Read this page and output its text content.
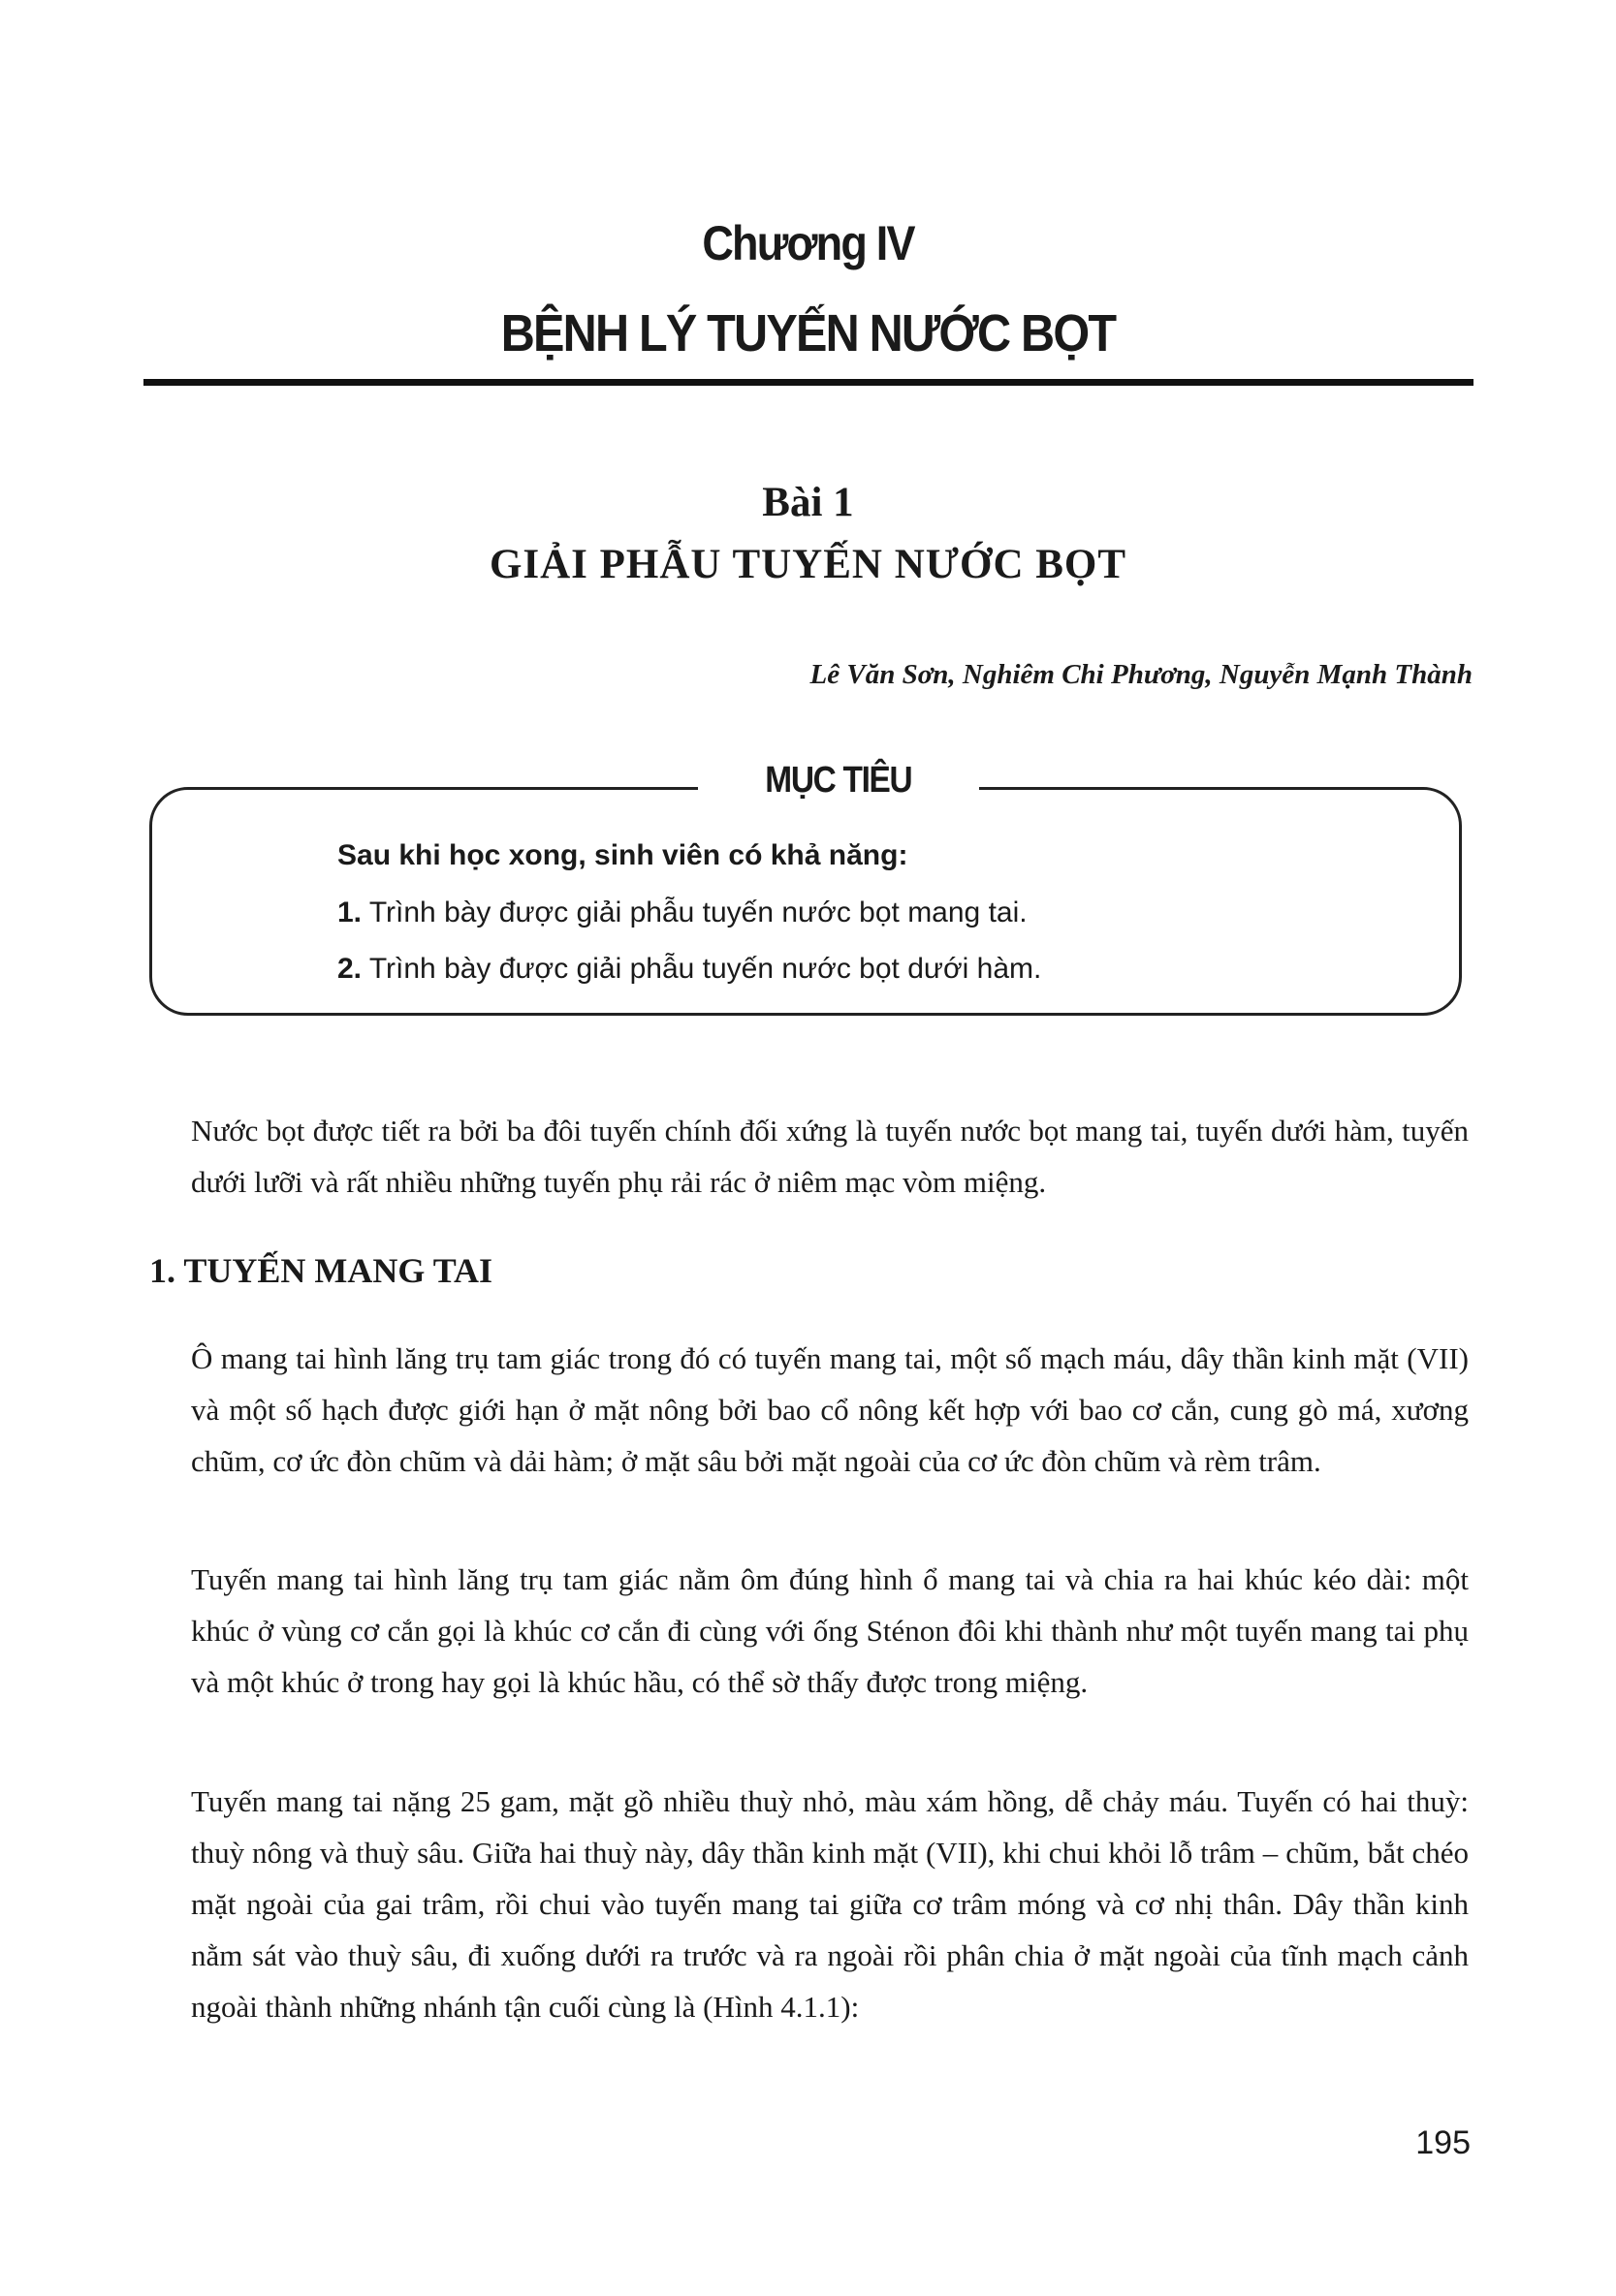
Chương IV
BỆNH LÝ TUYẾN NƯỚC BỌT
Bài 1
GIẢI PHẪU TUYẾN NƯỚC BỌT
Lê Văn Sơn, Nghiêm Chi Phương, Nguyễn Mạnh Thành
MỤC TIÊU
Sau khi học xong, sinh viên có khả năng:
1. Trình bày được giải phẫu tuyến nước bọt mang tai.
2. Trình bày được giải phẫu tuyến nước bọt dưới hàm.

Nước bọt được tiết ra bởi ba đôi tuyến chính đối xứng là tuyến nước bọt mang tai, tuyến dưới hàm, tuyến dưới lưỡi và rất nhiều những tuyến phụ rải rác ở niêm mạc vòm miệng.

1. TUYẾN MANG TAI

Ô mang tai hình lăng trụ tam giác trong đó có tuyến mang tai, một số mạch máu, dây thần kinh mặt (VII) và một số hạch được giới hạn ở mặt nông bởi bao cổ nông kết hợp với bao cơ cắn, cung gò má, xương chũm, cơ ức đòn chũm và dải hàm; ở mặt sâu bởi mặt ngoài của cơ ức đòn chũm và rèm trâm.

Tuyến mang tai hình lăng trụ tam giác nằm ôm đúng hình ổ mang tai và chia ra hai khúc kéo dài: một khúc ở vùng cơ cắn gọi là khúc cơ cắn đi cùng với ống Sténon đôi khi thành như một tuyến mang tai phụ và một khúc ở trong hay gọi là khúc hầu, có thể sờ thấy được trong miệng.

Tuyến mang tai nặng 25 gam, mặt gồ nhiều thuỳ nhỏ, màu xám hồng, dễ chảy máu. Tuyến có hai thuỳ: thuỳ nông và thuỳ sâu. Giữa hai thuỳ này, dây thần kinh mặt (VII), khi chui khỏi lỗ trâm – chũm, bắt chéo mặt ngoài của gai trâm, rồi chui vào tuyến mang tai giữa cơ trâm móng và cơ nhị thân. Dây thần kinh nằm sát vào thuỳ sâu, đi xuống dưới ra trước và ra ngoài rồi phân chia ở mặt ngoài của tĩnh mạch cảnh ngoài thành những nhánh tận cuối cùng là (Hình 4.1.1):

195
